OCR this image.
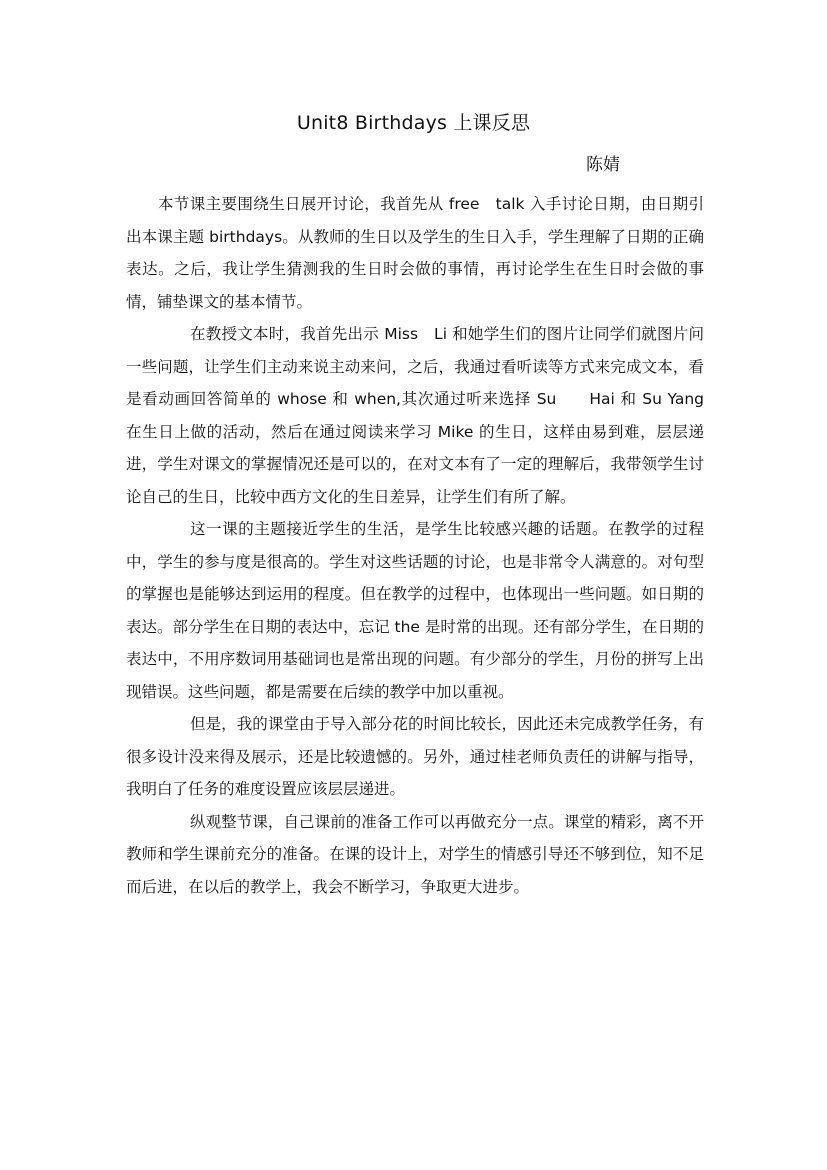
Unit8 Birthdays 上课反思
陈婧

本节课主要围绕生日展开讨论，我首先从 free　talk 入手讨论日期，由日期引出本课主题 birthdays。从教师的生日以及学生的生日入手，学生理解了日期的正确表达。之后，我让学生猜测我的生日时会做的事情，再讨论学生在生日时会做的事情，铺垫课文的基本情节。

在教授文本时，我首先出示 Miss　Li 和她学生们的图片让同学们就图片问一些问题，让学生们主动来说主动来问，之后，我通过看听读等方式来完成文本，看是看动画回答简单的 whose 和 when,其次通过听来选择 Su　　Hai 和 Su Yang 在生日上做的活动，然后在通过阅读来学习 Mike 的生日，这样由易到难，层层递进，学生对课文的掌握情况还是可以的，在对文本有了一定的理解后，我带领学生讨论自己的生日，比较中西方文化的生日差异，让学生们有所了解。

这一课的主题接近学生的生活，是学生比较感兴趣的话题。在教学的过程中，学生的参与度是很高的。学生对这些话题的讨论，也是非常令人满意的。对句型的掌握也是能够达到运用的程度。但在教学的过程中，也体现出一些问题。如日期的表达。部分学生在日期的表达中，忘记 the 是时常的出现。还有部分学生，在日期的表达中，不用序数词用基础词也是常出现的问题。有少部分的学生，月份的拼写上出现错误。这些问题，都是需要在后续的教学中加以重视。

但是，我的课堂由于导入部分花的时间比较长，因此还未完成教学任务，有很多设计没来得及展示，还是比较遗憾的。另外，通过桂老师负责任的讲解与指导，我明白了任务的难度设置应该层层递进。

纵观整节课，自己课前的准备工作可以再做充分一点。课堂的精彩，离不开教师和学生课前充分的准备。在课的设计上，对学生的情感引导还不够到位，知不足而后进，在以后的教学上，我会不断学习，争取更大进步。
